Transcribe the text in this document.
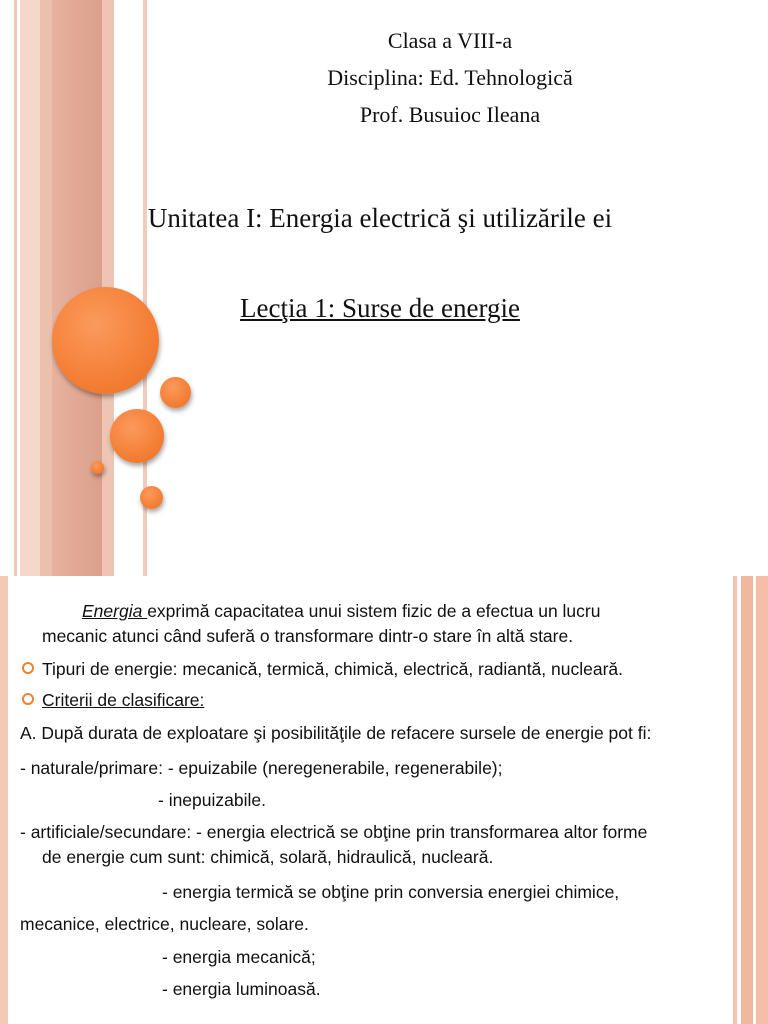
Clasa a VIII-a
Disciplina: Ed. Tehnologică
Prof. Busuioc Ileana
Unitatea I: Energia electrică şi utilizările ei
Lecţia 1: Surse de energie
Energia exprimă capacitatea unui sistem fizic de a efectua un lucru
mecanic atunci când suferă o transformare dintr-o stare în altă stare.
Tipuri de energie: mecanică, termică, chimică, electrică, radiantă, nucleară.
Criterii de clasificare:
A. După durata de exploatare şi posibilităţile de refacere sursele de energie pot fi:
- naturale/primare: - epuizabile (neregenerabile, regenerabile);
- inepuizabile.
- artificiale/secundare: - energia electrică se obţine prin transformarea altor forme
de energie cum sunt: chimică, solară, hidraulică, nucleară.
- energia termică se obţine prin conversia energiei chimice,
mecanice, electrice, nucleare, solare.
- energia mecanică;
- energia luminoasă.
